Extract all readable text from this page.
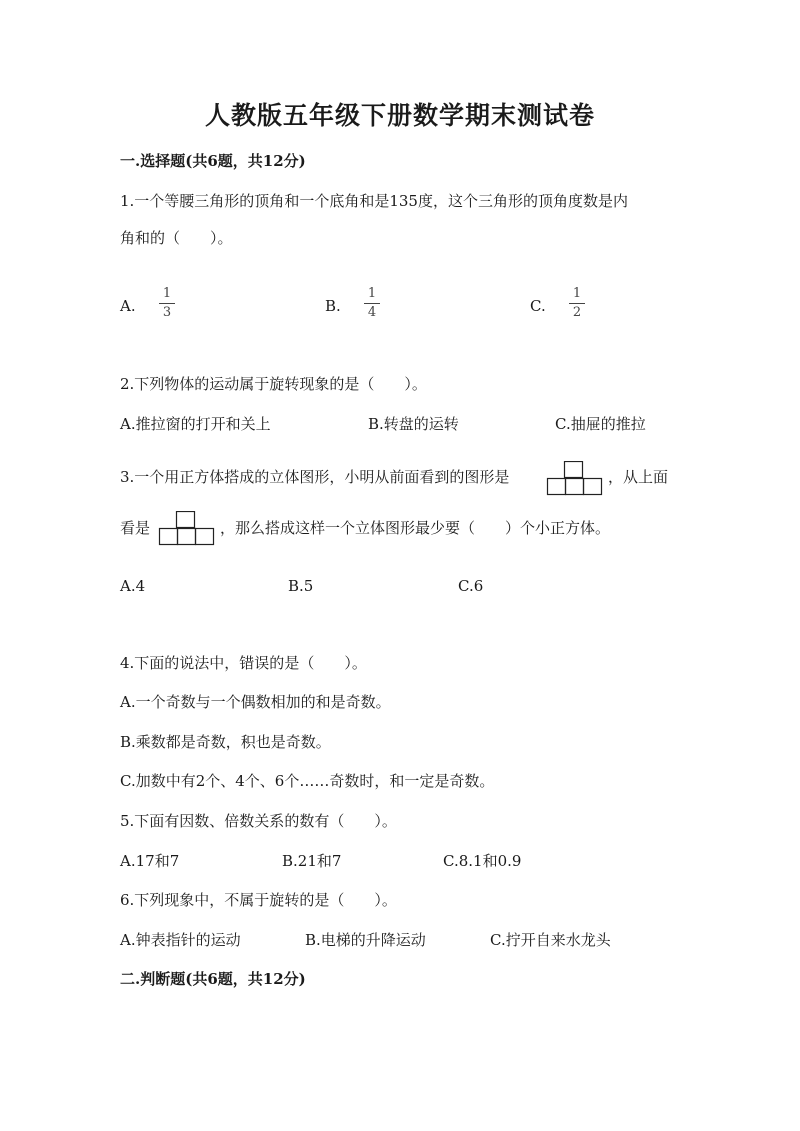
人教版五年级下册数学期末测试卷
一.选择题(共6题，共12分)
1.一个等腰三角形的顶角和一个底角和是135度，这个三角形的顶角度数是内
角和的（　　）。
A.
1
3	B.
1
4	C.
1
2
2.下列物体的运动属于旋转现象的是（　　）。
A.推拉窗的打开和关上	B.转盘的运转	C.抽屉的推拉
3.一个用正方体搭成的立体图形，小明从前面看到的图形是	，从上面
看是	，那么搭成这样一个立体图形最少要（　　）个小正方体。
A.4	B.5	C.6
4.下面的说法中，错误的是（　　）。
A.一个奇数与一个偶数相加的和是奇数。
B.乘数都是奇数，积也是奇数。
C.加数中有2个、4个、6个……奇数时，和一定是奇数。
5.下面有因数、倍数关系的数有（　　）。
A.17和7	B.21和7	C.8.1和0.9
6.下列现象中，不属于旋转的是（　　）。
A.钟表指针的运动	B.电梯的升降运动	C.拧开自来水龙头
二.判断题(共6题，共12分)
